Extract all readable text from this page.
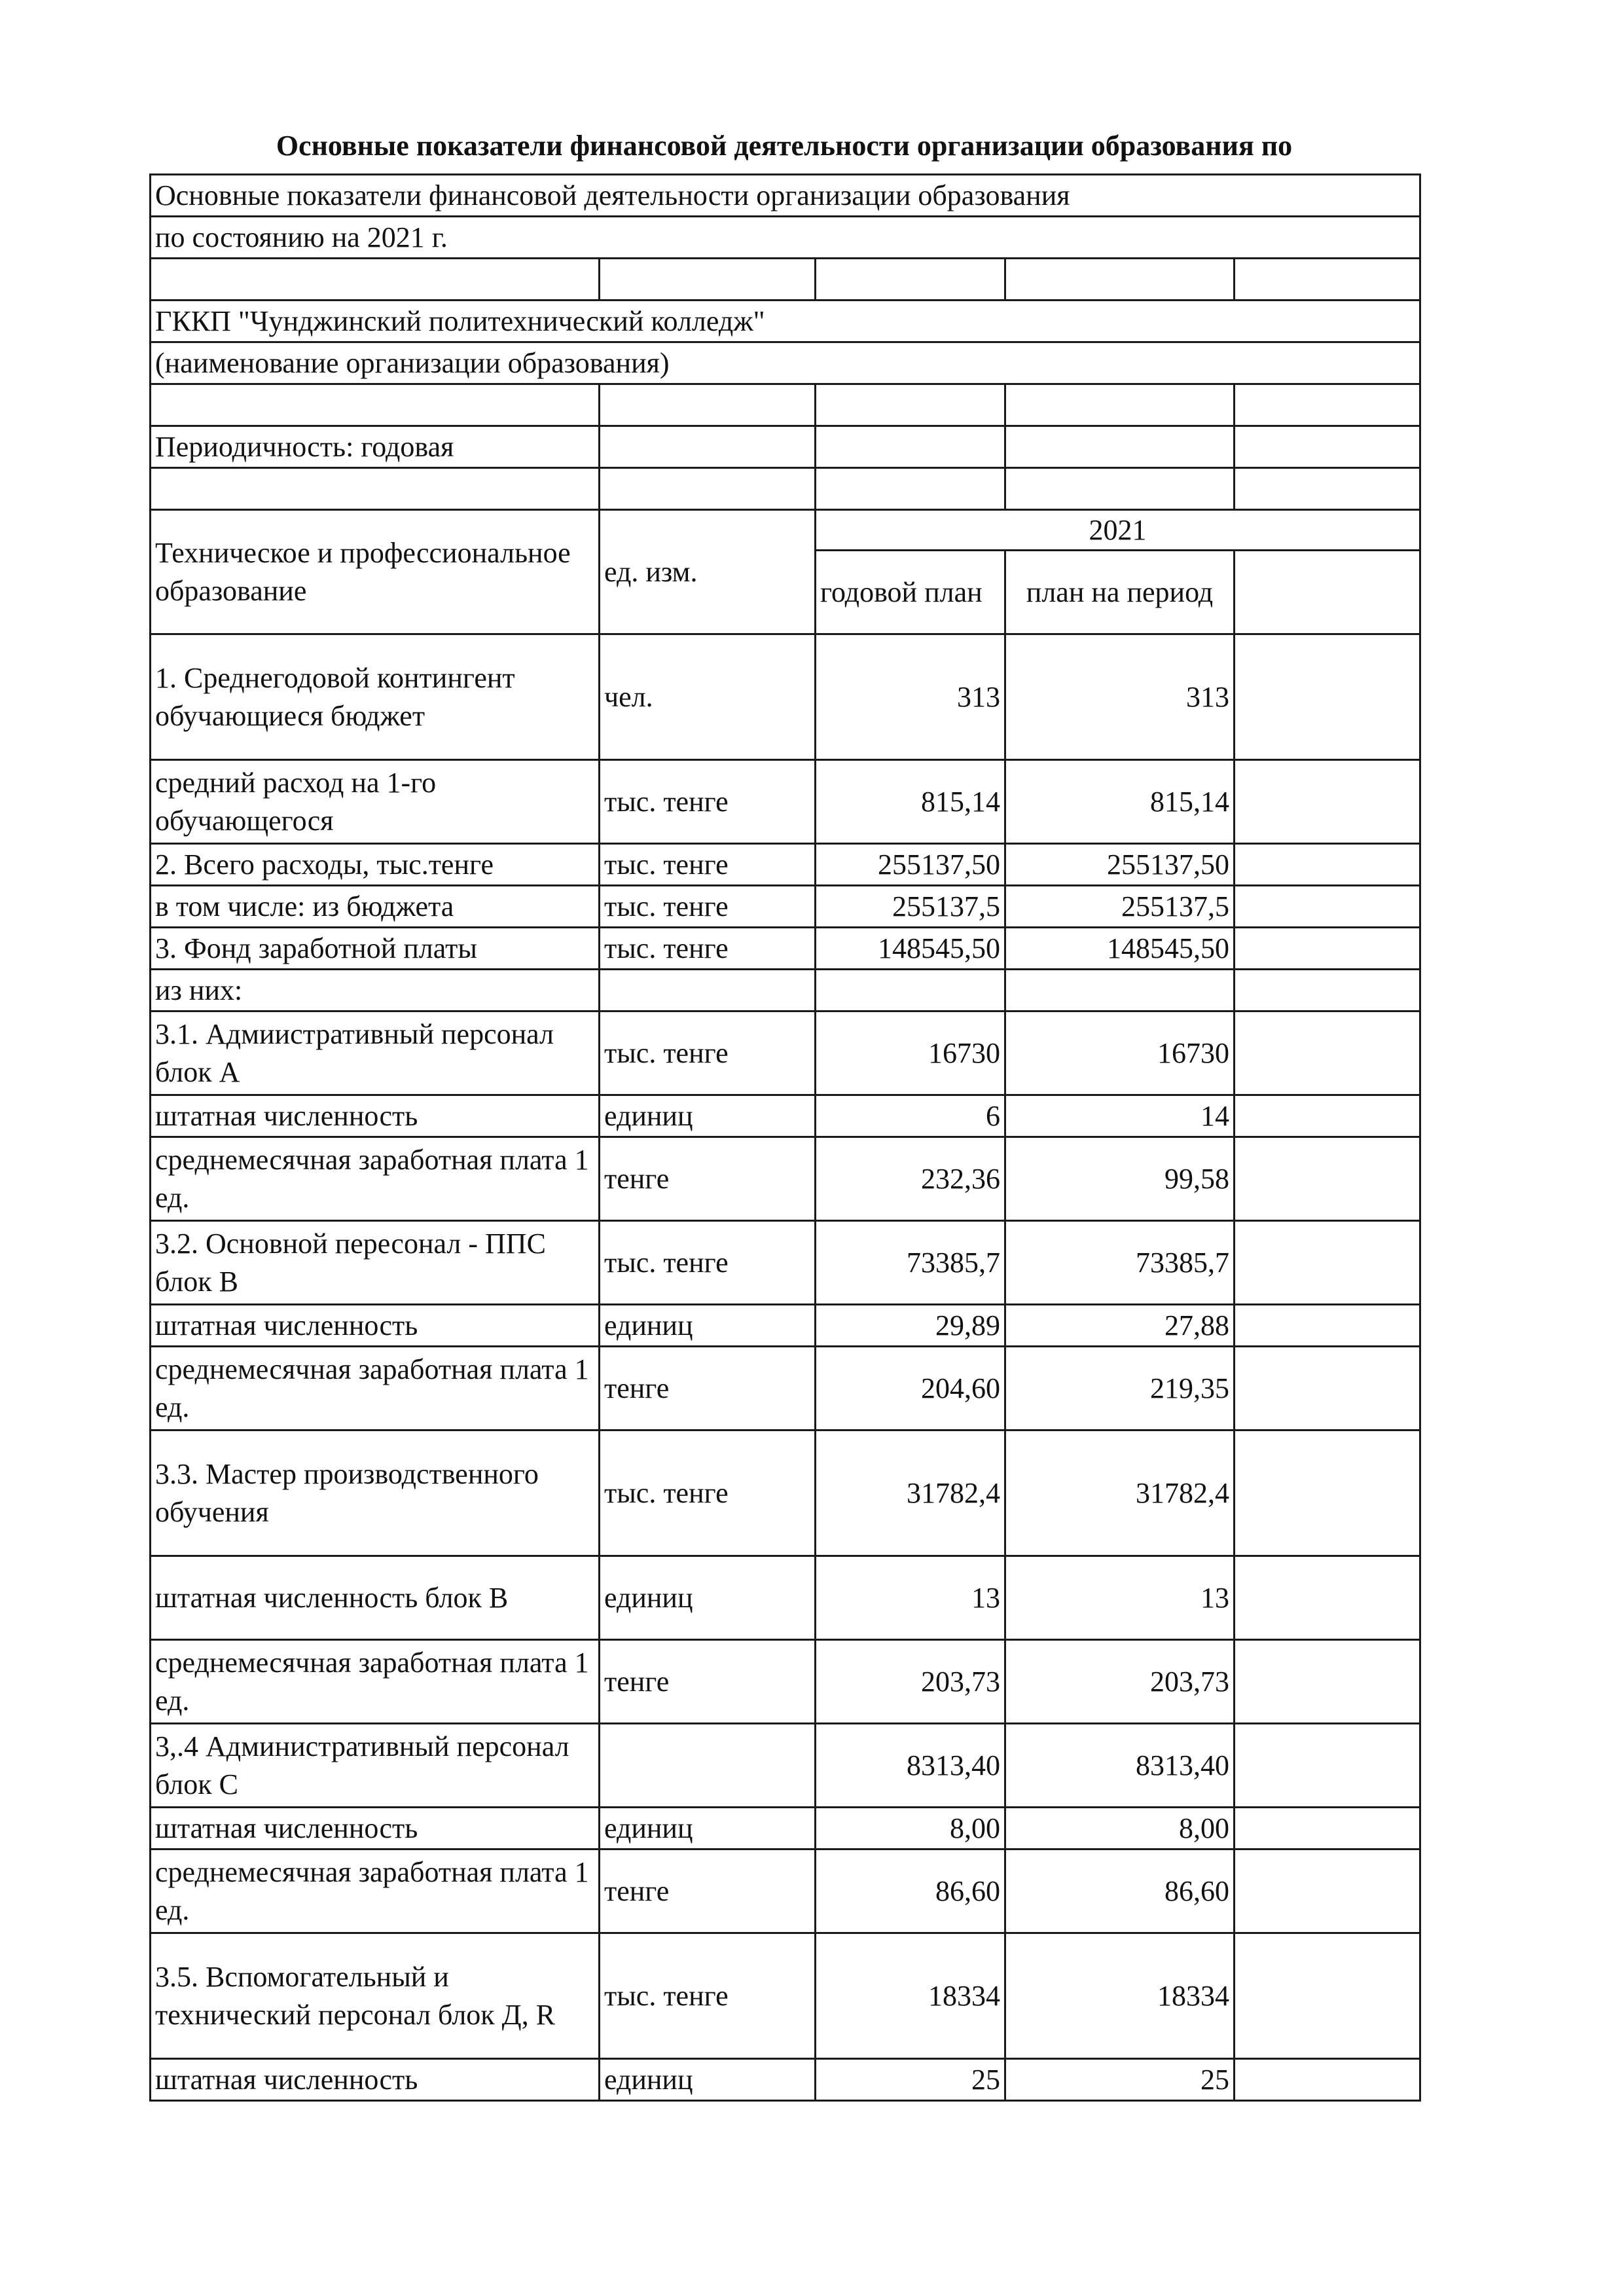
Основные показатели финансовой деятельности организации образования по
Основные показатели финансовой деятельности организации образования				
по состоянию на 2021 г.				

ГККП "Чунджинский политехнический колледж"				
(наименование организации образования)				

Периодичность: годовая				

Техническое и профессиональное образование	ед. изм.	2021		
		годовой план	план на период	
1. Среднегодовой контингент обучающиеся бюджет	чел.	313	313	
средний расход на 1-го обучающегося	тыс. тенге	815,14	815,14	
2. Всего расходы, тыс.тенге	тыс. тенге	255137,50	255137,50	
в том числе: из бюджета	тыс. тенге	255137,5	255137,5	
3. Фонд заработной платы	тыс. тенге	148545,50	148545,50	
из них:				
3.1. Адмиистративный персонал блок А	тыс. тенге	16730	16730	
штатная численность	единиц	6	14	
среднемесячная заработная плата 1 ед.	тенге	232,36	99,58	
3.2. Основной пересонал - ППС блок В	тыс. тенге	73385,7	73385,7	
штатная численность	единиц	29,89	27,88	
среднемесячная заработная плата 1 ед.	тенге	204,60	219,35	
3.3. Мастер производственного обучения	тыс. тенге	31782,4	31782,4	
штатная численность блок В	единиц	13	13	
среднемесячная заработная плата 1 ед.	тенге	203,73	203,73	
3,.4 Административный персонал блок С		8313,40	8313,40	
штатная численность	единиц	8,00	8,00	
среднемесячная заработная плата 1 ед.	тенге	86,60	86,60	
3.5. Вспомогательный и технический персонал блок Д, R	тыс. тенге	18334	18334	
штатная численность	единиц	25	25	
